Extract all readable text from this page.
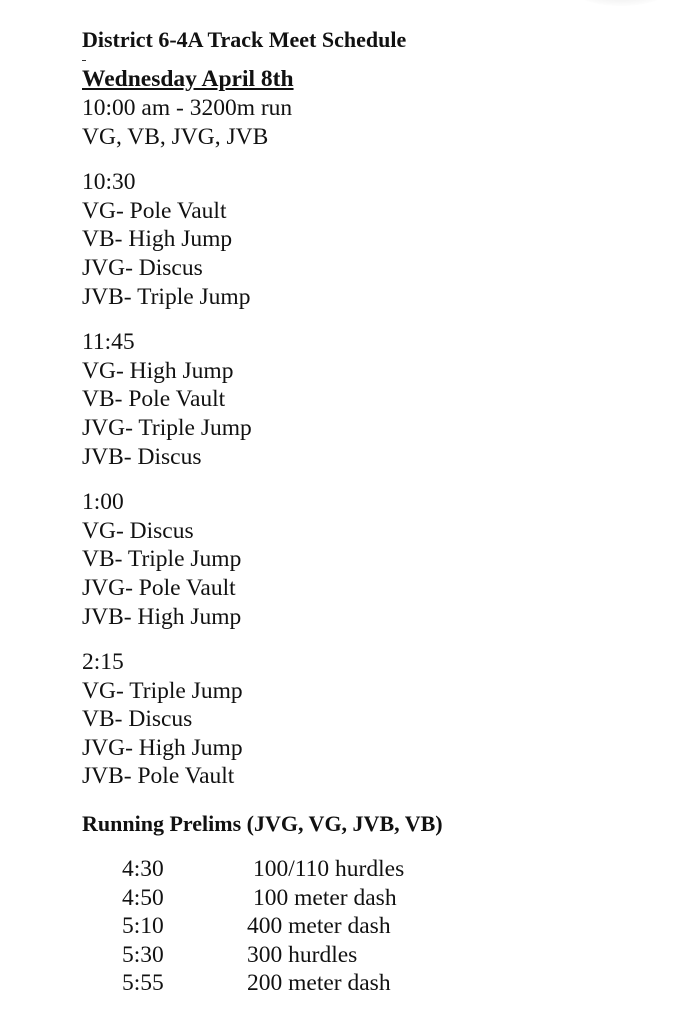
District 6-4A Track Meet Schedule

Wednesday April 8th

10:00 am - 3200m run

VG, VB, JVG, JVB

10:30

VG- Pole Vault

VB- High Jump

JVG- Discus

JVB- Triple Jump

11:45

VG- High Jump

VB- Pole Vault

JVG- Triple Jump

JVB- Discus

1:00

VG- Discus

VB- Triple Jump

JVG- Pole Vault

JVB- High Jump

2:15

VG- Triple Jump

VB- Discus

JVG- High Jump

JVB- Pole Vault

Running Prelims (JVG, VG, JVB, VB)

4:30	100/110 hurdles
4:50	100 meter dash
5:10	400 meter dash
5:30	300 hurdles
5:55	200 meter dash
